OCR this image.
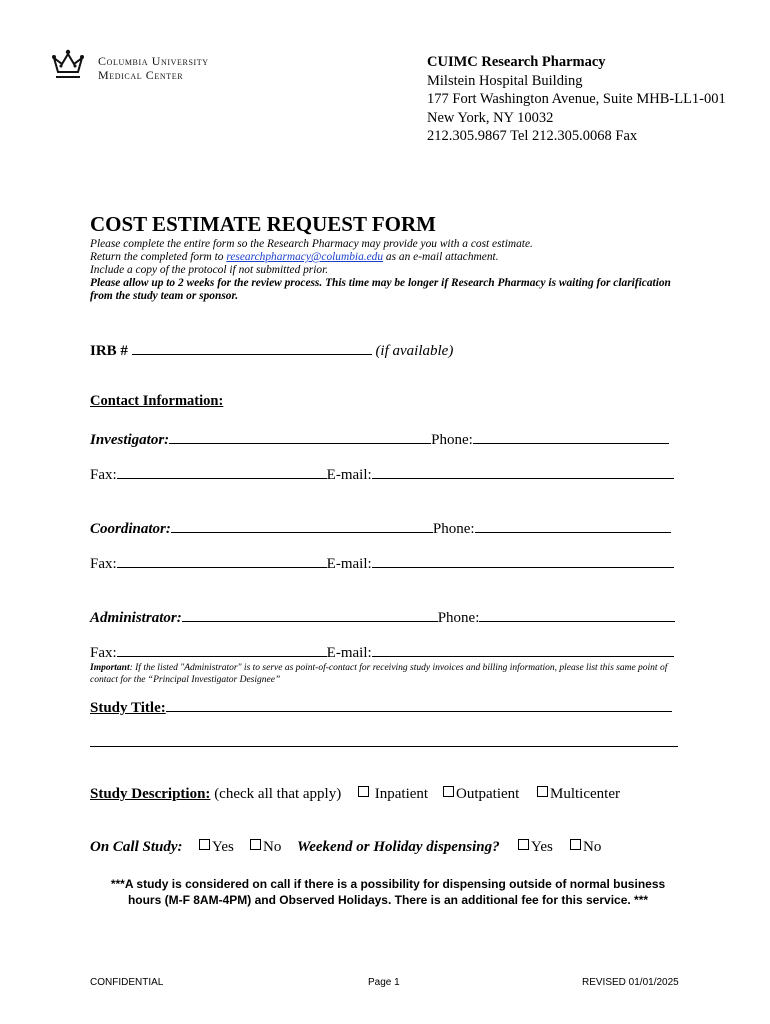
Columbia University
Medical Center
CUIMC Research Pharmacy
Milstein Hospital Building
177 Fort Washington Avenue, Suite MHB-LL1-001
New York, NY 10032
212.305.9867 Tel 212.305.0068 Fax
COST ESTIMATE REQUEST FORM
Please complete the entire form so the Research Pharmacy may provide you with a cost estimate.
Return the completed form to researchpharmacy@columbia.edu as an e-mail attachment.
Include a copy of the protocol if not submitted prior.
Please allow up to 2 weeks for the review process. This time may be longer if Research Pharmacy is waiting for clarification from the study team or sponsor.
IRB #	(if available)
Contact Information:
Investigator:	Phone:
Fax:	E-mail:
Coordinator:	Phone:
Fax:	E-mail:
Administrator:	Phone:
Fax:	E-mail:
Important: If the listed "Administrator" is to serve as point-of-contact for receiving study invoices and billing information, please list this same point of contact for the “Principal Investigator Designee”
Study Title:
Study Description: (check all that apply)	Inpatient	Outpatient	Multicenter
On Call Study:	Yes	No Weekend or Holiday dispensing?	Yes	No
***A study is considered on call if there is a possibility for dispensing outside of normal business hours (M-F 8AM-4PM) and Observed Holidays. There is an additional fee for this service. ***
CONFIDENTIAL	Page 1	REVISED 01/01/2025
